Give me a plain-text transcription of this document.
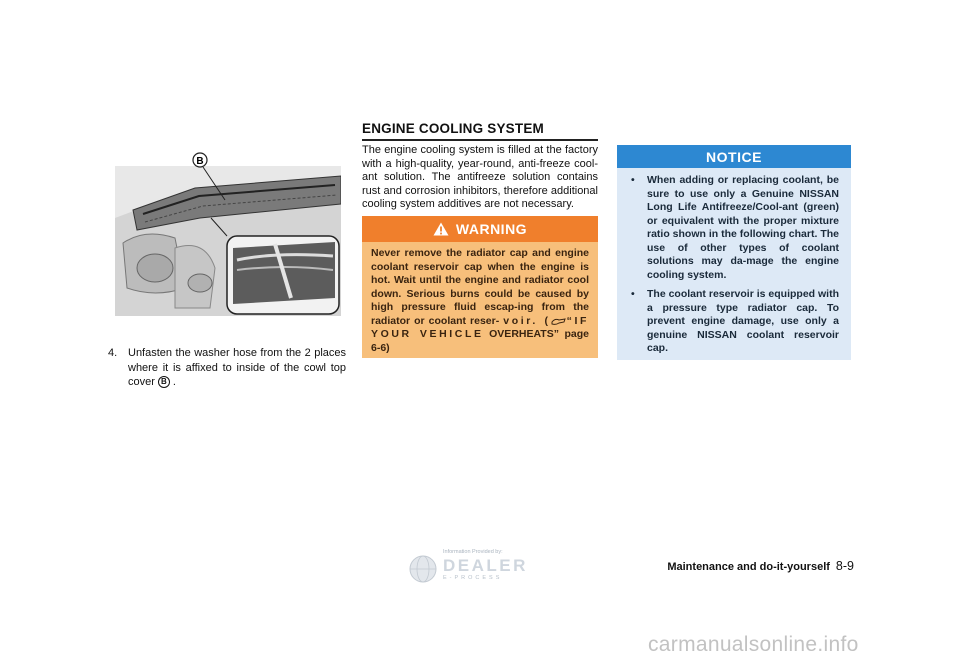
B
4. Unfasten the washer hose from the 2 places where it is affixed to inside of the cowl top cover B .
ENGINE COOLING SYSTEM
The engine cooling system is filled at the factory with a high-quality, year-round, anti-freeze cool-ant solution. The antifreeze solution contains rust and corrosion inhibitors, therefore additional cooling system additives are not necessary.
WARNING
Never remove the radiator cap and engine coolant reservoir cap when the engine is hot. Wait until the engine and radiator cool down. Serious burns could be caused by high pressure fluid escap-ing from the radiator or coolant reser- voir. ( “IF YOUR VEHICLE OVERHEATS” page 6-6)
NOTICE
• When adding or replacing coolant, be sure to use only a Genuine NISSAN Long Life Antifreeze/Cool-ant (green) or equivalent with the proper mixture ratio shown in the following chart. The use of other types of coolant solutions may da-mage the engine cooling system.
• The coolant reservoir is equipped with a pressure type radiator cap. To prevent engine damage, use only a genuine NISSAN coolant reservoir cap.
Information Provided by:
DEALER
E-PROCESS
Maintenance and do-it-yourself 8-9
carmanualsonline.info
